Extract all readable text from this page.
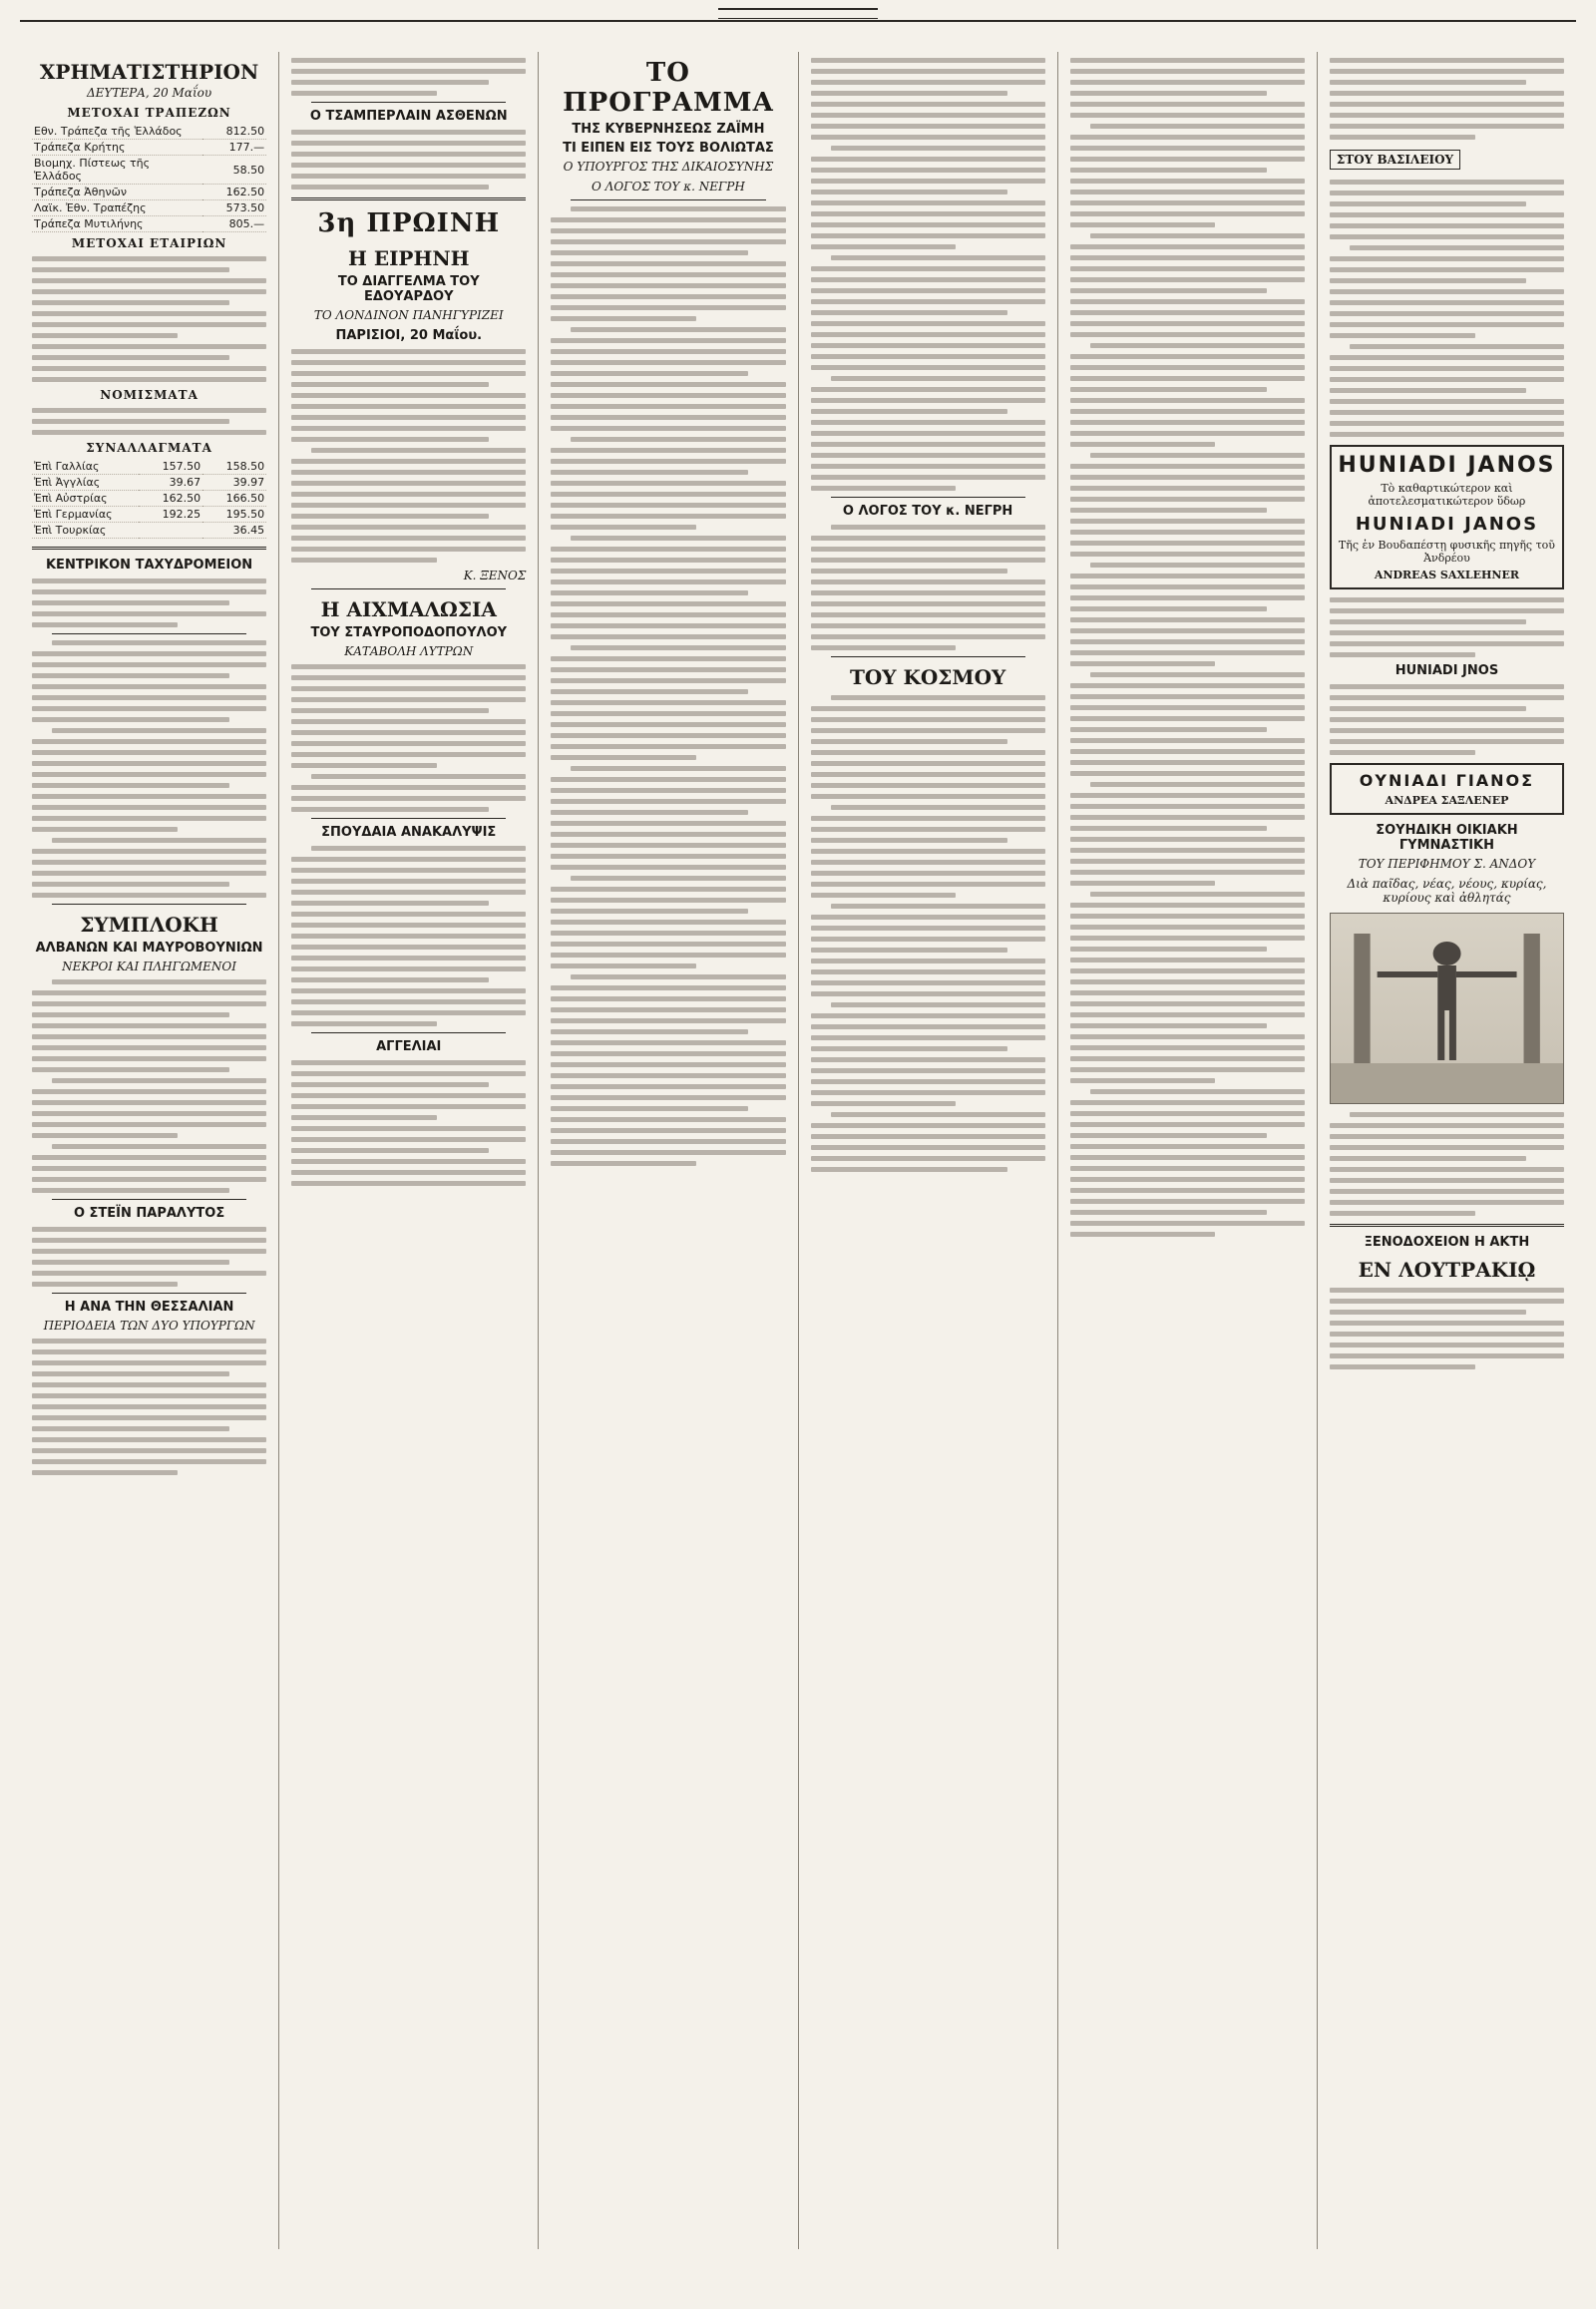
ΧΡΗΜΑΤΙΣΤΗΡΙΟΝ
ΔΕΥΤΕΡΑ, 20 Μαΐου
ΜΕΤΟΧΑΙ ΤΡΑΠΕΖΩΝ
Εθν. Τράπεζα τῆς Ἑλλάδος	812.50
Τράπεζα Κρήτης	177.—
Βιομηχ. Πίστεως τῆς Ἑλλάδος	58.50
Τράπεζα Ἀθηνῶν	162.50
Λαϊκ. Ἐθν. Τραπέζης	573.50
Τράπεζα Μυτιλήνης	805.—
ΜΕΤΟΧΑΙ ΕΤΑΙΡΙΩΝ
ΝΟΜΙΣΜΑΤΑ
ΣΥΝΑΛΛΑΓΜΑΤΑ
Ἐπὶ Γαλλίας	157.50	158.50
Ἐπὶ Ἀγγλίας	39.67	39.97
Ἐπὶ Αὐστρίας	162.50	166.50
Ἐπὶ Γερμανίας	192.25	195.50
Ἐπὶ Τουρκίας		36.45
ΚΕΝΤΡΙΚΟΝ ΤΑΧΥΔΡΟΜΕΙΟΝ
ΣΥΜΠΛΟΚΗ
ΑΛΒΑΝΩΝ ΚΑΙ ΜΑΥΡΟΒΟΥΝΙΩΝ
ΝΕΚΡΟΙ ΚΑΙ ΠΛΗΓΩΜΕΝΟΙ
Ο ΣΤΕΪΝ ΠΑΡΑΛΥΤΟΣ
Η ΑΝΑ ΤΗΝ ΘΕΣΣΑΛΙΑΝ
ΠΕΡΙΟΔΕΙΑ ΤΩΝ ΔΥΟ ΥΠΟΥΡΓΩΝ
Ο ΤΣΑΜΠΕΡΛΑΙΝ ΑΣΘΕΝΩΝ
3η ΠΡΩΙΝΗ
Η ΕΙΡΗΝΗ
ΤΟ ΔΙΑΓΓΕΛΜΑ ΤΟΥ ΕΔΟΥΑΡΔΟΥ
ΤΟ ΛΟΝΔΙΝΟΝ ΠΑΝΗΓΥΡΙΖΕΙ
ΠΑΡΙΣΙΟΙ, 20 Μαΐου.
Κ. ΞΕΝΟΣ
Η ΑΙΧΜΑΛΩΣΙΑ
ΤΟΥ ΣΤΑΥΡΟΠΟΔΟΠΟΥΛΟΥ
ΚΑΤΑΒΟΛΗ ΛΥΤΡΩΝ
ΣΠΟΥΔΑΙΑ ΑΝΑΚΑΛΥΨΙΣ
ΑΓΓΕΛΙΑΙ
ΤΟ ΠΡΟΓΡΑΜΜΑ
ΤΗΣ ΚΥΒΕΡΝΗΣΕΩΣ ΖΑΪΜΗ
ΤΙ ΕΙΠΕΝ ΕΙΣ ΤΟΥΣ ΒΟΛΙΩΤΑΣ
Ο ΥΠΟΥΡΓΟΣ ΤΗΣ ΔΙΚΑΙΟΣΥΝΗΣ
Ο ΛΟΓΟΣ ΤΟΥ κ. ΝΕΓΡΗ
Ο ΛΟΓΟΣ ΤΟΥ κ. ΝΕΓΡΗ
ΤΟΥ ΚΟΣΜΟΥ
ΣΤΟΥ ΒΑΣΙΛΕΙΟΥ
HUNIADI JANOS
Τὸ καθαρτικώτερον καὶ ἀποτελεσματικώτερον ὕδωρ
HUNIADI JANOS
Τῆς ἐν Βουδαπέστῃ φυσικῆς πηγῆς τοῦ Ἀνδρέου
ANDREAS SAXLEHNER
HUNIADI JNOS
ΟΥΝΙΑΔΙ ΓΙΑΝΟΣ
ΑΝΔΡΕΑ ΣΑΞΛΕΝΕΡ
ΣΟΥΗΔΙΚΗ ΟΙΚΙΑΚΗ ΓΥΜΝΑΣΤΙΚΗ
ΤΟΥ ΠΕΡΙΦΗΜΟΥ Σ. ΑΝΔΟΥ
Διὰ παῖδας, νέας, νέους, κυρίας, κυρίους καὶ ἀθλητάς
ΞΕΝΟΔΟΧΕΙΟΝ Η ΑΚΤΗ
ΕΝ ΛΟΥΤΡΑΚΙῼ
